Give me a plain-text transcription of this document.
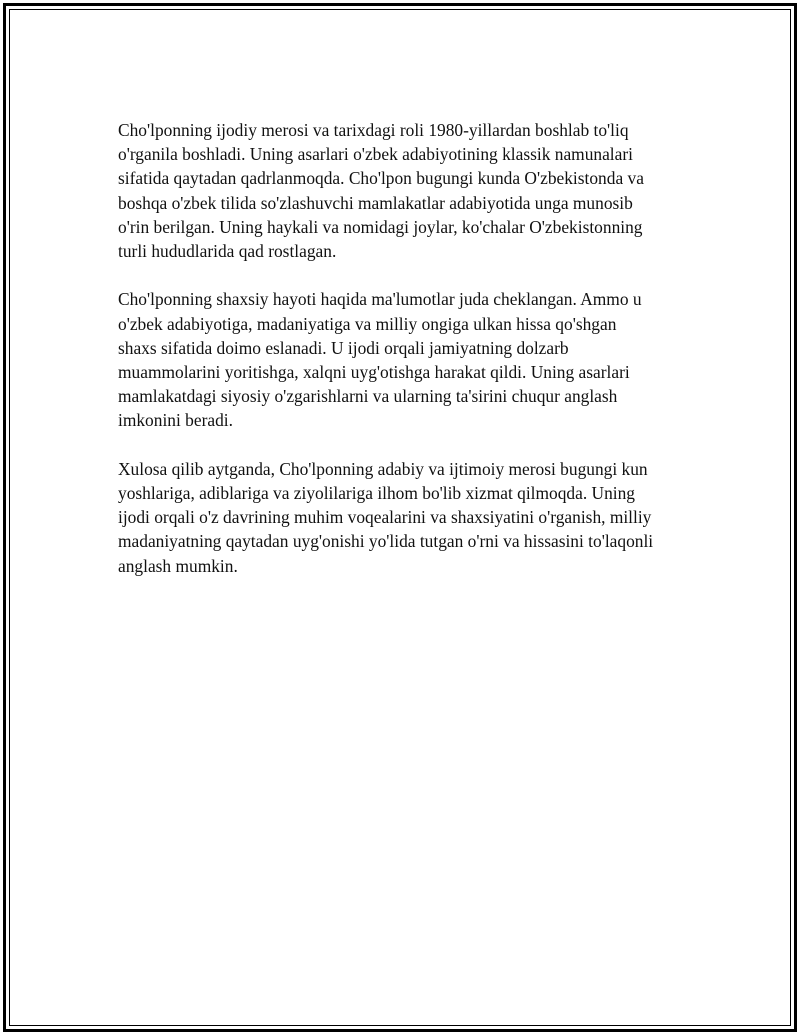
Cho'lponning ijodiy merosi va tarixdagi roli 1980-yillardan boshlab to'liq
o'rganila boshladi. Uning asarlari o'zbek adabiyotining klassik namunalari
sifatida qaytadan qadrlanmoqda. Cho'lpon bugungi kunda O'zbekistonda va
boshqa o'zbek tilida so'zlashuvchi mamlakatlar adabiyotida unga munosib
o'rin berilgan. Uning haykali va nomidagi joylar, ko'chalar O'zbekistonning
turli hududlarida qad rostlagan.

Cho'lponning shaxsiy hayoti haqida ma'lumotlar juda cheklangan. Ammo u
o'zbek adabiyotiga, madaniyatiga va milliy ongiga ulkan hissa qo'shgan
shaxs sifatida doimo eslanadi. U ijodi orqali jamiyatning dolzarb
muammolarini yoritishga, xalqni uyg'otishga harakat qildi. Uning asarlari
mamlakatdagi siyosiy o'zgarishlarni va ularning ta'sirini chuqur anglash
imkonini beradi.

Xulosa qilib aytganda, Cho'lponning adabiy va ijtimoiy merosi bugungi kun
yoshlariga, adiblariga va ziyolilariga ilhom bo'lib xizmat qilmoqda. Uning
ijodi orqali o'z davrining muhim voqealarini va shaxsiyatini o'rganish, milliy
madaniyatning qaytadan uyg'onishi yo'lida tutgan o'rni va hissasini to'laqonli
anglash mumkin.
